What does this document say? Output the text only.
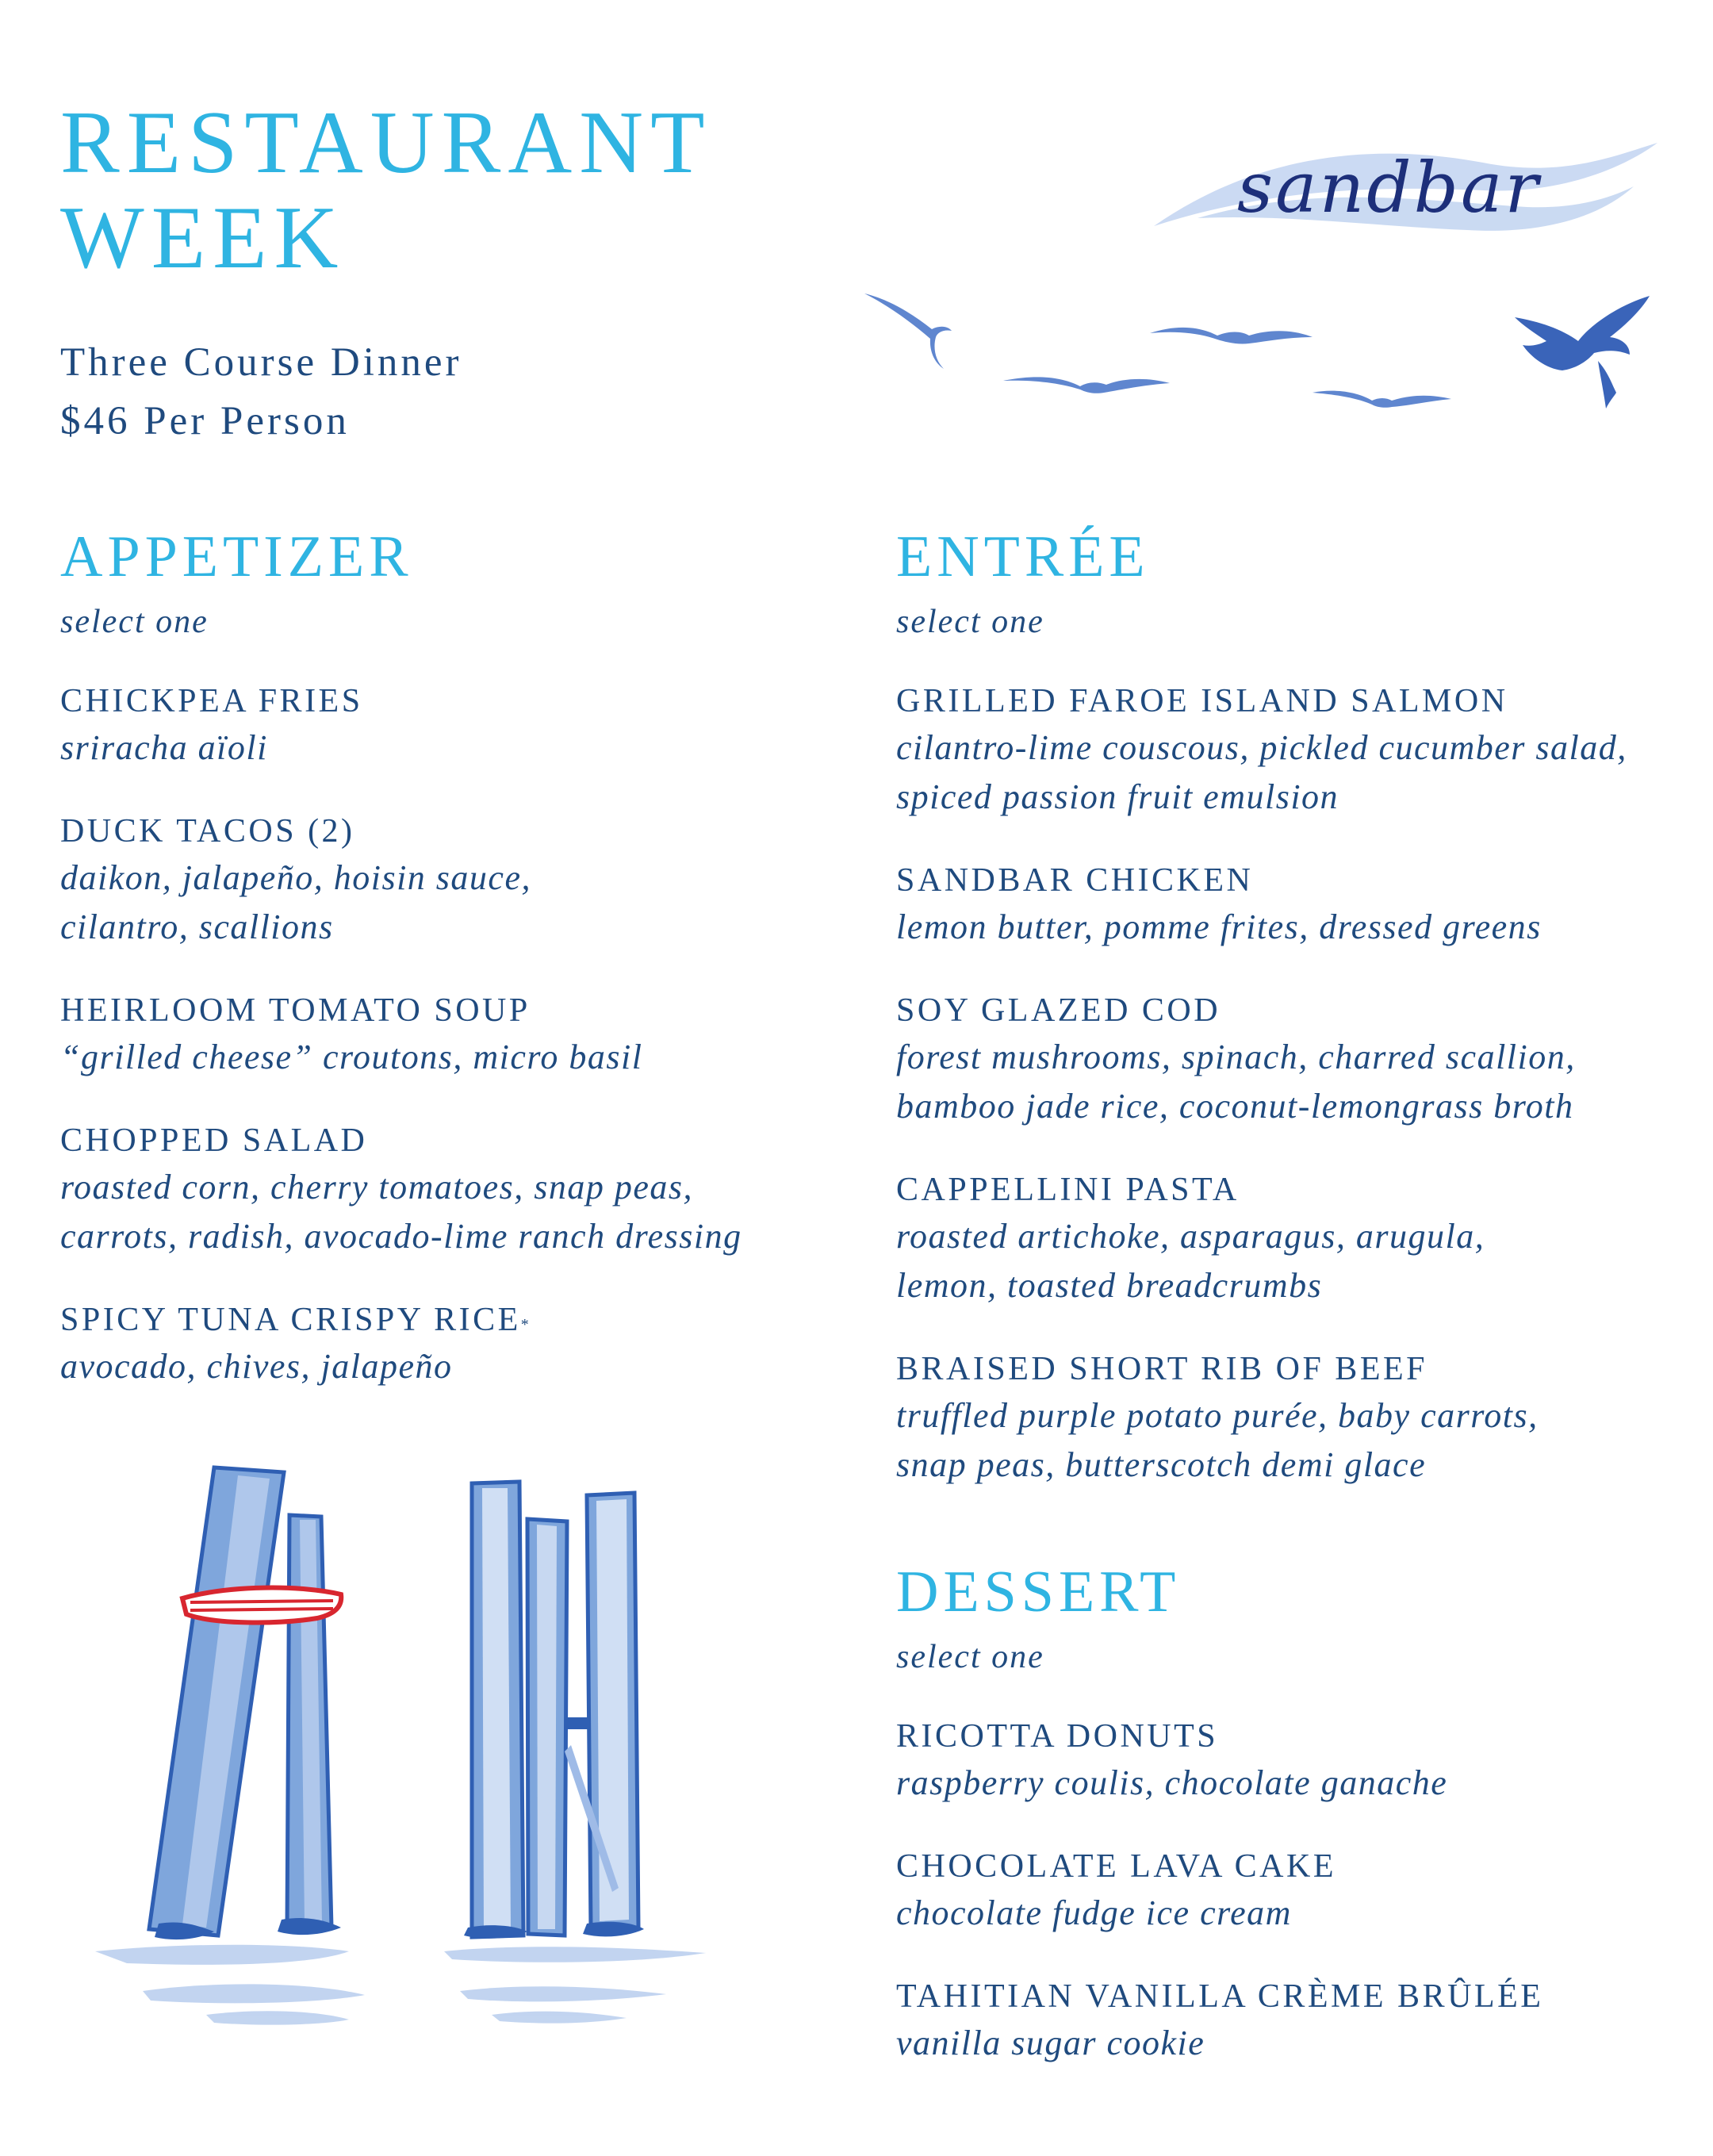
RESTAURANT
WEEK
Three Course Dinner
$46 Per Person
sandbar
APPETIZER
select one
CHICKPEA FRIES
sriracha aïoli
DUCK TACOS (2)
daikon, jalapeño, hoisin sauce,
cilantro, scallions
HEIRLOOM TOMATO SOUP
“grilled cheese” croutons, micro basil
CHOPPED SALAD
roasted corn, cherry tomatoes, snap peas,
carrots, radish, avocado-lime ranch dressing
SPICY TUNA CRISPY RICE*
avocado, chives, jalapeño
ENTRÉE
select one
GRILLED FAROE ISLAND SALMON
cilantro-lime couscous, pickled cucumber salad,
spiced passion fruit emulsion
SANDBAR CHICKEN
lemon butter, pomme frites, dressed greens
SOY GLAZED COD
forest mushrooms, spinach, charred scallion,
bamboo jade rice, coconut-lemongrass broth
CAPPELLINI PASTA
roasted artichoke, asparagus, arugula,
lemon, toasted breadcrumbs
BRAISED SHORT RIB OF BEEF
truffled purple potato purée, baby carrots,
snap peas, butterscotch demi glace
DESSERT
select one
RICOTTA DONUTS
raspberry coulis, chocolate ganache
CHOCOLATE LAVA CAKE
chocolate fudge ice cream
TAHITIAN VANILLA CRÈME BRÛLÉE
vanilla sugar cookie
